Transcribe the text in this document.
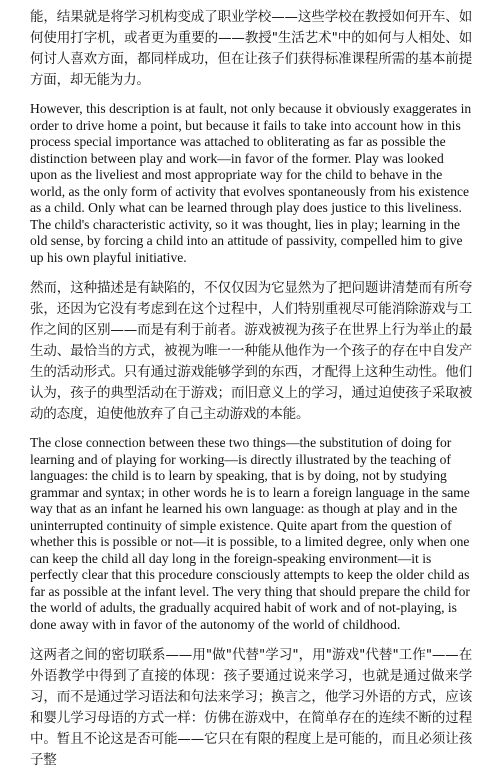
能，结果就是将学习机构变成了职业学校——这些学校在教授如何开车、如何使用打字机，或者更为重要的——教授"生活艺术"中的如何与人相处、如何讨人喜欢方面，都同样成功，但在让孩子们获得标准课程所需的基本前提方面，却无能为力。

However, this description is at fault, not only because it obviously exaggerates in order to drive home a point, but because it fails to take into account how in this process special importance was attached to obliterating as far as possible the distinction between play and work—in favor of the former. Play was looked upon as the liveliest and most appropriate way for the child to behave in the world, as the only form of activity that evolves spontaneously from his existence as a child. Only what can be learned through play does justice to this liveliness. The child's characteristic activity, so it was thought, lies in play; learning in the old sense, by forcing a child into an attitude of passivity, compelled him to give up his own playful initiative.

然而，这种描述是有缺陷的，不仅仅因为它显然为了把问题讲清楚而有所夸张，还因为它没有考虑到在这个过程中，人们特别重视尽可能消除游戏与工作之间的区别——而是有利于前者。游戏被视为孩子在世界上行为举止的最生动、最恰当的方式，被视为唯一一种能从他作为一个孩子的存在中自发产生的活动形式。只有通过游戏能够学到的东西，才配得上这种生动性。他们认为，孩子的典型活动在于游戏；而旧意义上的学习，通过迫使孩子采取被动的态度，迫使他放弃了自己主动游戏的本能。

The close connection between these two things—the substitution of doing for learning and of playing for working—is directly illustrated by the teaching of languages: the child is to learn by speaking, that is by doing, not by studying grammar and syntax; in other words he is to learn a foreign language in the same way that as an infant he learned his own language: as though at play and in the uninterrupted continuity of simple existence. Quite apart from the question of whether this is possible or not—it is possible, to a limited degree, only when one can keep the child all day long in the foreign-speaking environment—it is perfectly clear that this procedure consciously attempts to keep the older child as far as possible at the infant level. The very thing that should prepare the child for the world of adults, the gradually acquired habit of work and of not-playing, is done away with in favor of the autonomy of the world of childhood.

这两者之间的密切联系——用"做"代替"学习"，用"游戏"代替"工作"——在外语教学中得到了直接的体现：孩子要通过说来学习，也就是通过做来学习，而不是通过学习语法和句法来学习；换言之，他学习外语的方式，应该和婴儿学习母语的方式一样：仿佛在游戏中，在简单存在的连续不断的过程中。暂且不论这是否可能——它只在有限的程度上是可能的，而且必须让孩子整
